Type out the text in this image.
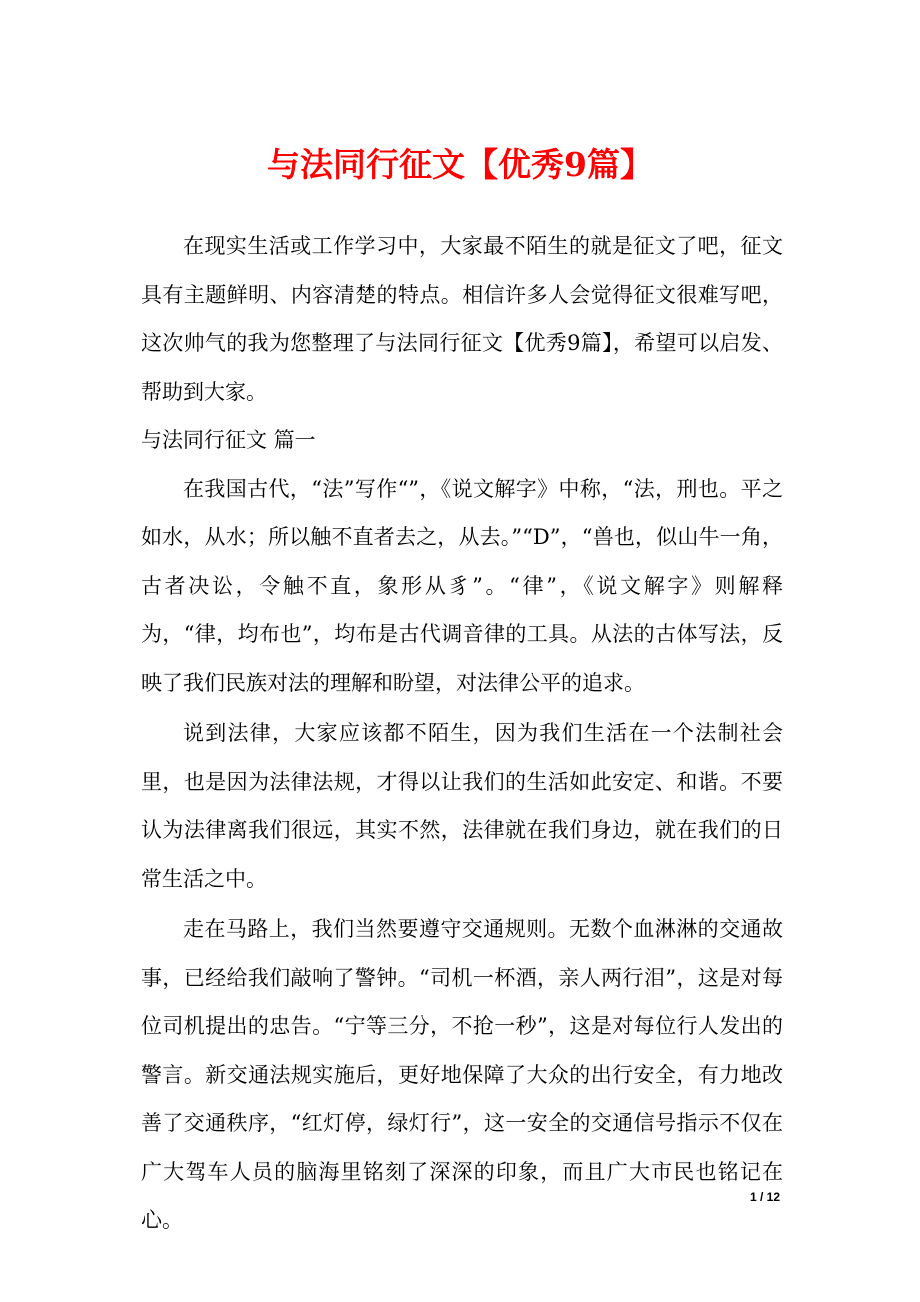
与法同行征文【优秀9篇】

在现实生活或工作学习中，大家最不陌生的就是征文了吧，征文具有主题鲜明、内容清楚的特点。相信许多人会觉得征文很难写吧，这次帅气的我为您整理了与法同行征文【优秀9篇】，希望可以启发、帮助到大家。

与法同行征文 篇一

在我国古代，“法”写作“”，《说文解字》中称，“法，刑也。平之如水，从水；所以触不直者去之，从去。”“D”，“兽也，似山牛一角，古者决讼，令触不直，象形从豸”。“律”，《说文解字》则解释为，“律，均布也”，均布是古代调音律的工具。从法的古体写法，反映了我们民族对法的理解和盼望，对法律公平的追求。

说到法律，大家应该都不陌生，因为我们生活在一个法制社会里，也是因为法律法规，才得以让我们的生活如此安定、和谐。不要认为法律离我们很远，其实不然，法律就在我们身边，就在我们的日常生活之中。

走在马路上，我们当然要遵守交通规则。无数个血淋淋的交通故事，已经给我们敲响了警钟。“司机一杯酒，亲人两行泪”，这是对每位司机提出的忠告。“宁等三分，不抢一秒”，这是对每位行人发出的警言。新交通法规实施后，更好地保障了大众的出行安全，有力地改善了交通秩序，“红灯停，绿灯行”，这一安全的交通信号指示不仅在广大驾车人员的脑海里铭刻了深深的印象，而且广大市民也铭记在心。

1 / 12
